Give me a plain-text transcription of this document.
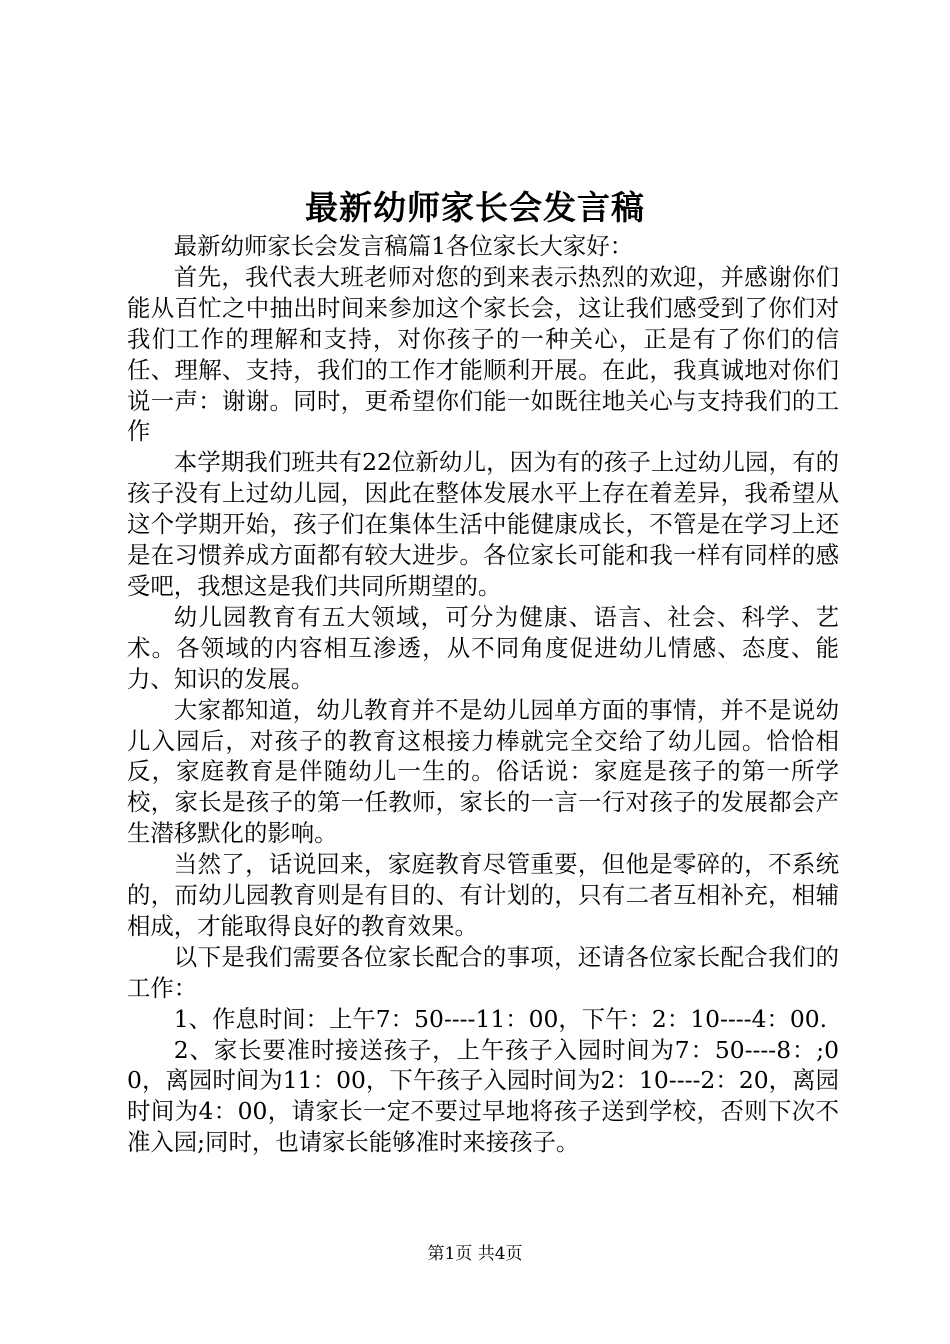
最新幼师家长会发言稿

最新幼师家长会发言稿篇1各位家长大家好：

首先，我代表大班老师对您的到来表示热烈的欢迎，并感谢你们能从百忙之中抽出时间来参加这个家长会，这让我们感受到了你们对我们工作的理解和支持，对你孩子的一种关心，正是有了你们的信任、理解、支持，我们的工作才能顺利开展。在此，我真诚地对你们说一声：谢谢。同时，更希望你们能一如既往地关心与支持我们的工作

本学期我们班共有22位新幼儿，因为有的孩子上过幼儿园，有的孩子没有上过幼儿园，因此在整体发展水平上存在着差异，我希望从这个学期开始，孩子们在集体生活中能健康成长，不管是在学习上还是在习惯养成方面都有较大进步。各位家长可能和我一样有同样的感受吧，我想这是我们共同所期望的。

幼儿园教育有五大领域，可分为健康、语言、社会、科学、艺术。各领域的内容相互渗透，从不同角度促进幼儿情感、态度、能力、知识的发展。

大家都知道，幼儿教育并不是幼儿园单方面的事情，并不是说幼儿入园后，对孩子的教育这根接力棒就完全交给了幼儿园。恰恰相反，家庭教育是伴随幼儿一生的。俗话说：家庭是孩子的第一所学校，家长是孩子的第一任教师，家长的一言一行对孩子的发展都会产生潜移默化的影响。

当然了，话说回来，家庭教育尽管重要，但他是零碎的，不系统的，而幼儿园教育则是有目的、有计划的，只有二者互相补充，相辅相成，才能取得良好的教育效果。

以下是我们需要各位家长配合的事项，还请各位家长配合我们的工作：

1、作息时间：上午7：50----11：00，下午：2：10----4：00.

2、家长要准时接送孩子，上午孩子入园时间为7：50----8：;00，离园时间为11：00，下午孩子入园时间为2：10----2：20，离园时间为4：00，请家长一定不要过早地将孩子送到学校，否则下次不准入园;同时，也请家长能够准时来接孩子。

第1页 共4页
